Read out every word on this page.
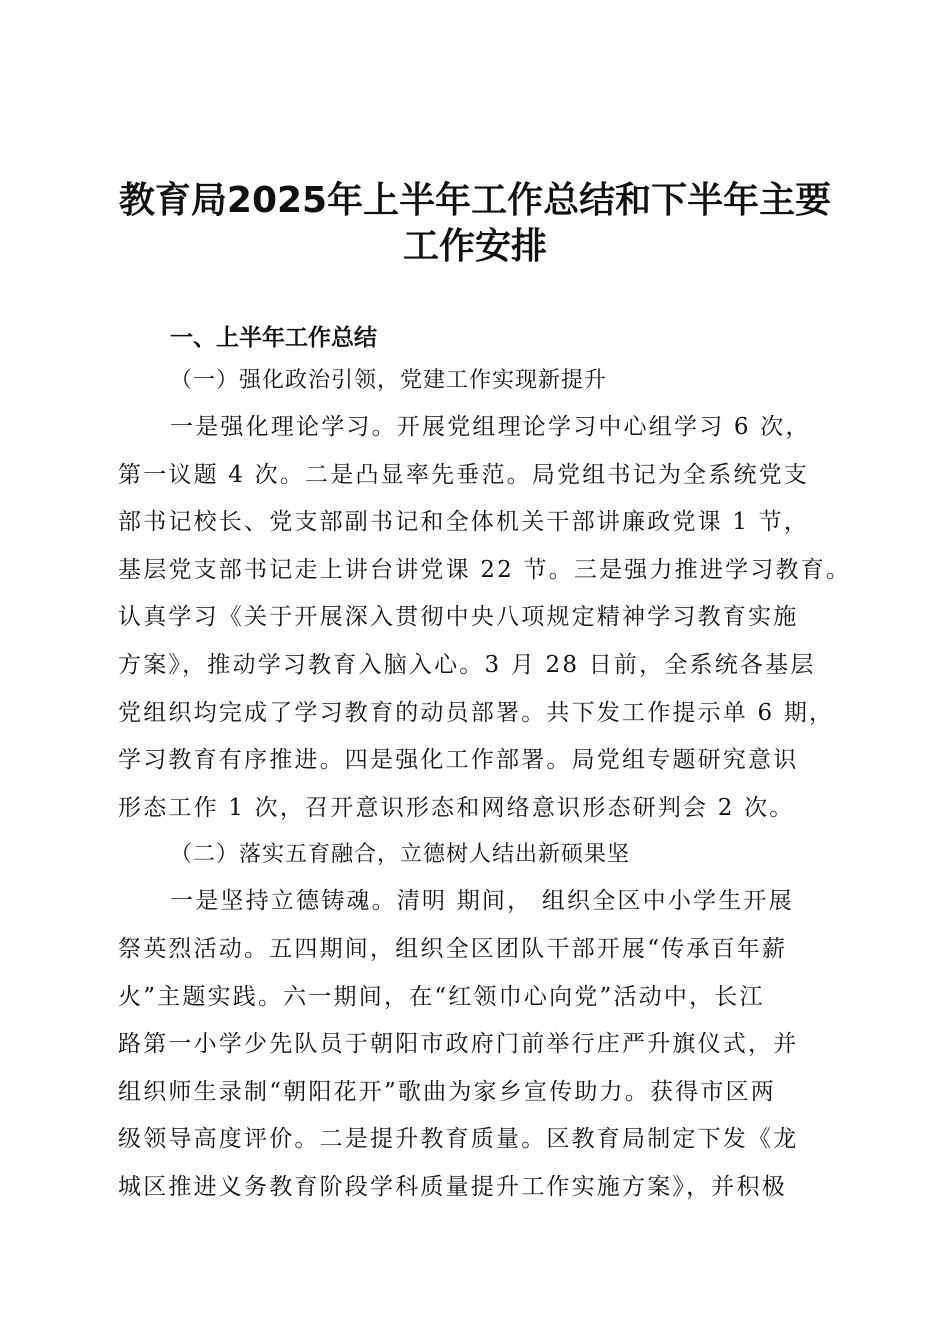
教育局2025年上半年工作总结和下半年主要
工作安排
一、上半年工作总结
（一）强化政治引领，党建工作实现新提升
一是强化理论学习。开展党组理论学习中心组学习 6 次，
第一议题 4 次。二是凸显率先垂范。局党组书记为全系统党支
部书记校长、党支部副书记和全体机关干部讲廉政党课 1 节，
基层党支部书记走上讲台讲党课 22 节。三是强力推进学习教育。
认真学习《关于开展深入贯彻中央八项规定精神学习教育实施
方案》，推动学习教育入脑入心。3 月 28 日前，全系统各基层
党组织均完成了学习教育的动员部署。共下发工作提示单 6 期，
学习教育有序推进。四是强化工作部署。局党组专题研究意识
形态工作 1 次，召开意识形态和网络意识形态研判会 2 次。
（二）落实五育融合，立德树人结出新硕果坚
一是坚持立德铸魂。清明 期间， 组织全区中小学生开展
祭英烈活动。五四期间，组织全区团队干部开展“传承百年薪
火”主题实践。六一期间，在“红领巾心向党”活动中，长江
路第一小学少先队员于朝阳市政府门前举行庄严升旗仪式，并
组织师生录制“朝阳花开”歌曲为家乡宣传助力。获得市区两
级领导高度评价。二是提升教育质量。区教育局制定下发《龙
城区推进义务教育阶段学科质量提升工作实施方案》，并积极
